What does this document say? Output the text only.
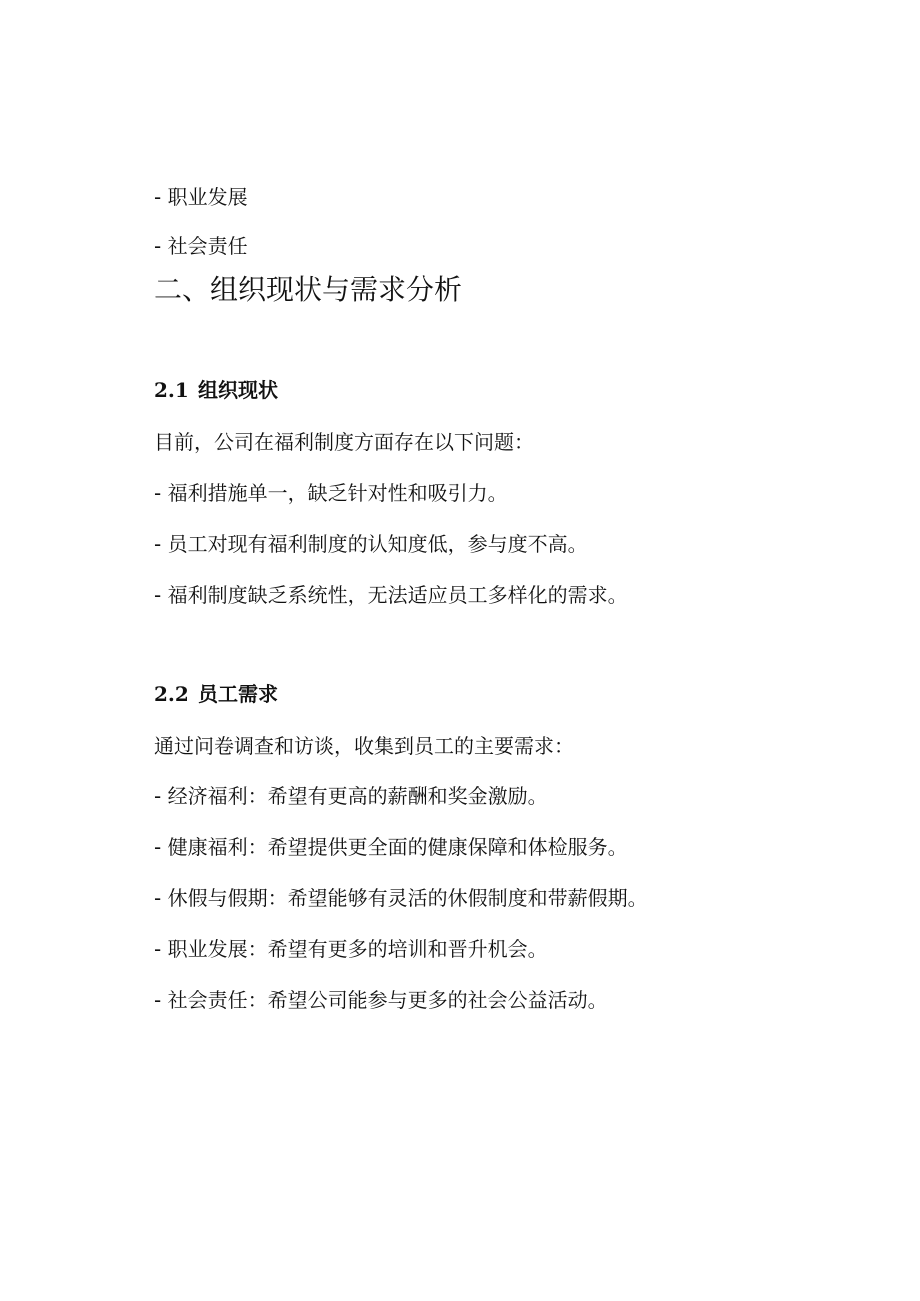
- 职业发展
- 社会责任
二、组织现状与需求分析
2.1 组织现状
目前，公司在福利制度方面存在以下问题：
- 福利措施单一，缺乏针对性和吸引力。
- 员工对现有福利制度的认知度低，参与度不高。
- 福利制度缺乏系统性，无法适应员工多样化的需求。
2.2 员工需求
通过问卷调查和访谈，收集到员工的主要需求：
- 经济福利：希望有更高的薪酬和奖金激励。
- 健康福利：希望提供更全面的健康保障和体检服务。
- 休假与假期：希望能够有灵活的休假制度和带薪假期。
- 职业发展：希望有更多的培训和晋升机会。
- 社会责任：希望公司能参与更多的社会公益活动。
